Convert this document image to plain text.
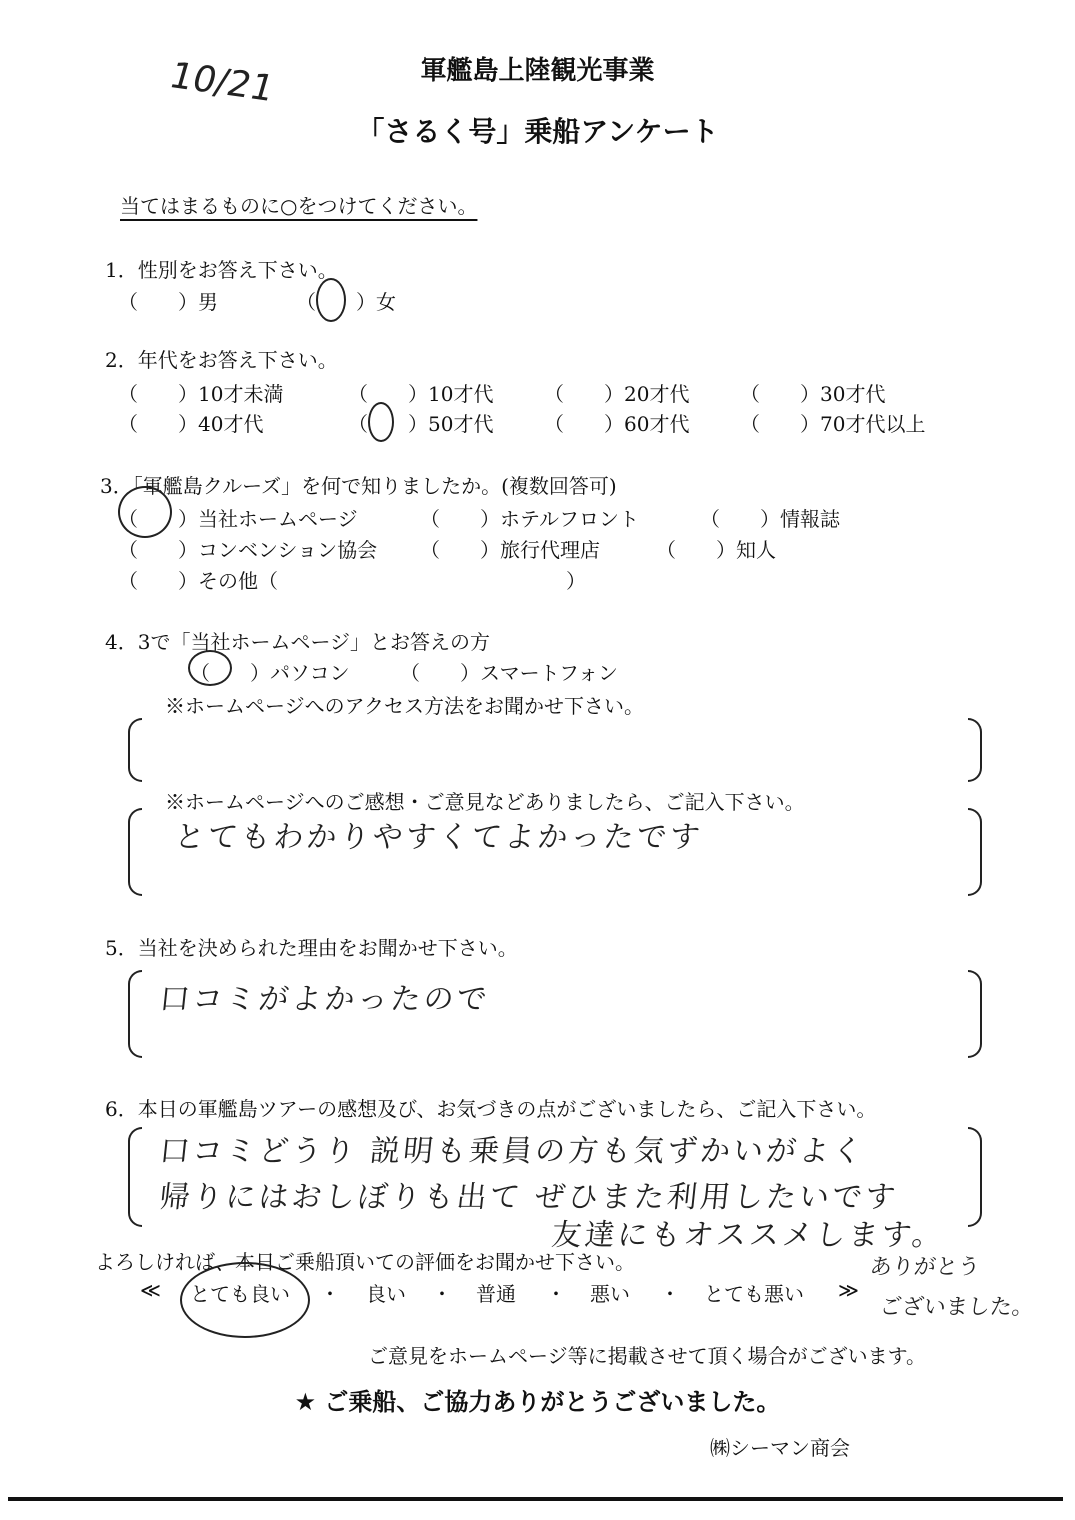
10/21	軍艦島上陸観光事業
「さるく号」乗船アンケート
当てはまるものに○をつけてください。
1．性別をお答え下さい。
（　　）男	（　　）女
2．年代をお答え下さい。
（　　）10才未満	（　　）10才代	（　　）20才代	（　　）30才代
（　　）40才代	（　　）50才代	（　　）60才代	（　　）70才代以上
3．「軍艦島クルーズ」を何で知りましたか。(複数回答可)
（　　）当社ホームページ	（　　）ホテルフロント	（　　）情報誌
（　　）コンベンション協会 （　　）旅行代理店	（　　）知人
（　　）その他（	）
4．3で「当社ホームページ」とお答えの方
（　　）パソコン	（　　）スマートフォン
※ホームページへのアクセス方法をお聞かせ下さい。
※ホームページへのご感想・ご意見などありましたら、ご記入下さい。
とてもわかりやすくてよかったです
5．当社を決められた理由をお聞かせ下さい。
口コミがよかったので
6．本日の軍艦島ツアーの感想及び、お気づきの点がございましたら、ご記入下さい。
口コミどうり 説明も乗員の方も気ずかいがよく
帰りにはおしぼりも出て ぜひまた利用したいです
友達にもオススメします。
よろしければ、本日ご乗船頂いての評価をお聞かせ下さい。
≪ とても良い ・ 良い ・ 普通 ・ 悪い ・ とても悪い ≫
ありがとう
ございました。
ご意見をホームページ等に掲載させて頂く場合がございます。
★ ご乗船、ご協力ありがとうございました。
㈱シーマン商会
